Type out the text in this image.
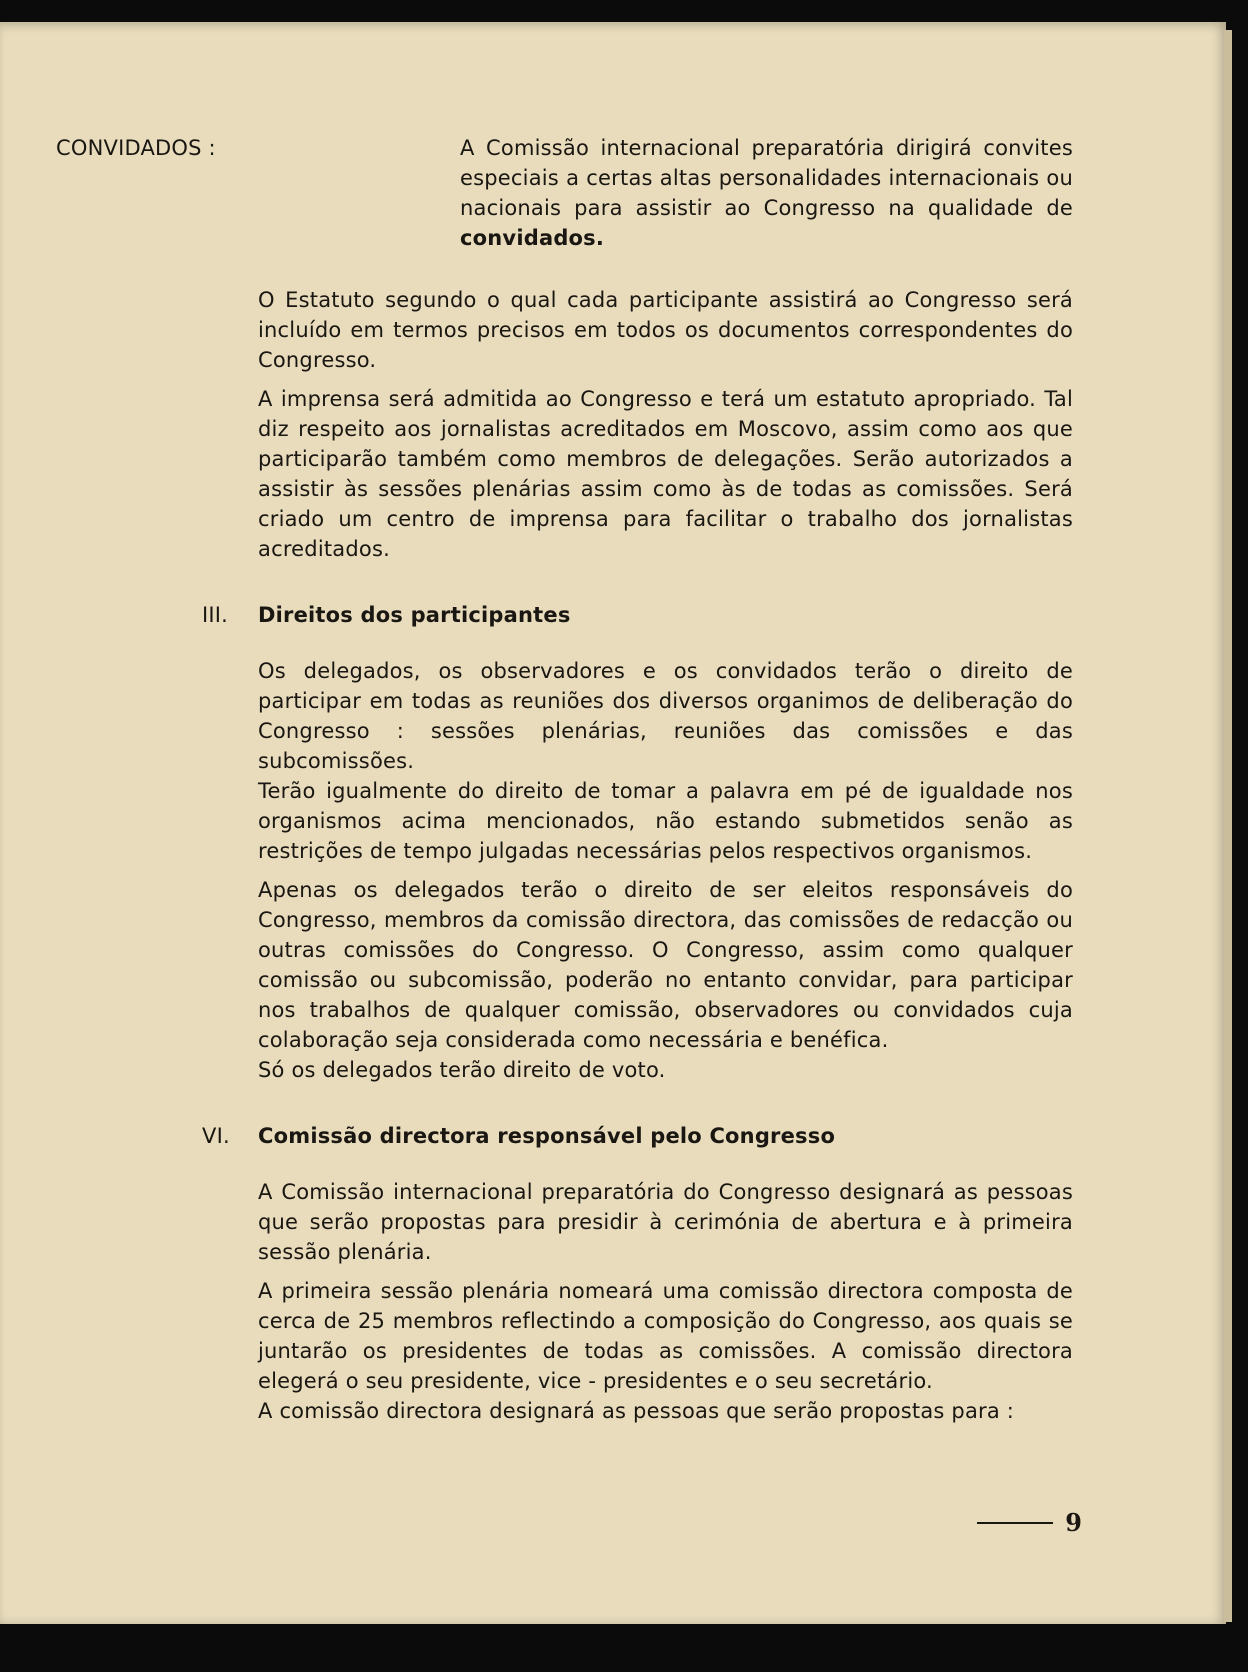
CONVIDADOS :	A Comissão internacional preparatória dirigirá convites especiais a certas altas personalidades internacionais ou nacionais para assistir ao Congresso na qualidade de convidados.

O Estatuto segundo o qual cada participante assistirá ao Congresso será incluído em termos precisos em todos os documentos correspondentes do Congresso.

A imprensa será admitida ao Congresso e terá um estatuto apropriado. Tal diz respeito aos jornalistas acreditados em Moscovo, assim como aos que participarão também como membros de delegações. Serão autorizados a assistir às sessões plenárias assim como às de todas as comissões. Será criado um centro de imprensa para facilitar o trabalho dos jornalistas acreditados.

III. Direitos dos participantes

Os delegados, os observadores e os convidados terão o direito de participar em todas as reuniões dos diversos organimos de deliberação do Congresso : sessões plenárias, reuniões das comissões e das subcomissões.

Terão igualmente do direito de tomar a palavra em pé de igualdade nos organismos acima mencionados, não estando submetidos senão as restrições de tempo julgadas necessárias pelos respectivos organismos.

Apenas os delegados terão o direito de ser eleitos responsáveis do Congresso, membros da comissão directora, das comissões de redacção ou outras comissões do Congresso. O Congresso, assim como qualquer comissão ou subcomissão, poderão no entanto convidar, para participar nos trabalhos de qualquer comissão, observadores ou convidados cuja colaboração seja considerada como necessária e benéfica.

Só os delegados terão direito de voto.

VI. Comissão directora responsável pelo Congresso

A Comissão internacional preparatória do Congresso designará as pessoas que serão propostas para presidir à cerimónia de abertura e à primeira sessão plenária.

A primeira sessão plenária nomeará uma comissão directora composta de cerca de 25 membros reflectindo a composição do Congresso, aos quais se juntarão os presidentes de todas as comissões. A comissão directora elegerá o seu presidente, vice - presidentes e o seu secretário.

A comissão directora designará as pessoas que serão propostas para :

9
